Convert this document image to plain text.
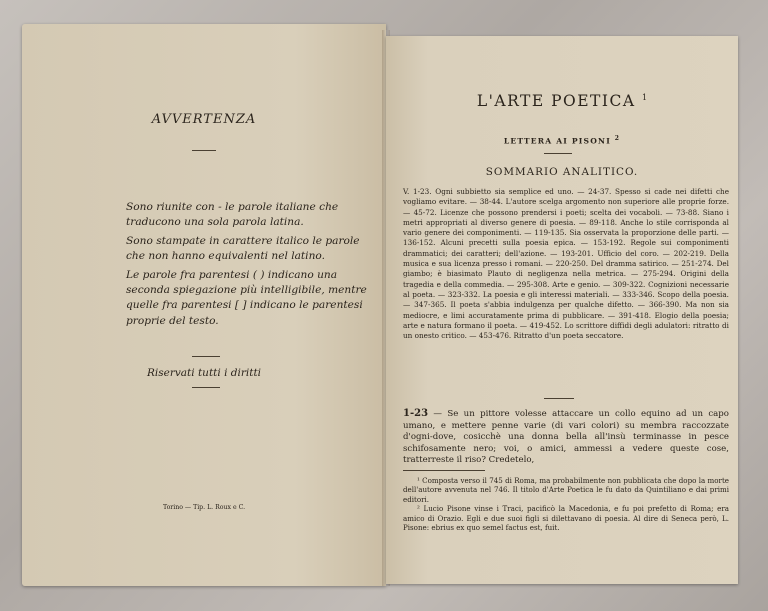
AVVERTENZA

Sono riunite con - le parole italiane che traducono una sola parola latina.

Sono stampate in carattere italico le parole che non hanno equivalenti nel latino.

Le parole fra parentesi ( ) indicano una seconda spiegazione più intelligibile, mentre quelle fra parentesi [ ] indicano le parentesi proprie del testo.

Riservati tutti i diritti
Torino — Tip. L. Roux e C.
L'ARTE POETICA $^1$
LETTERA AI PISONI $^2$
SOMMARIO ANALITICO.
V. 1-23. Ogni subbietto sia semplice ed uno. — 24-37. Spesso si cade nei difetti che vogliamo evitare. — 38-44. L'autore scelga argomento non superiore alle proprie forze. — 45-72. Licenze che possono prendersi i poeti; scelta dei vocaboli. — 73-88. Siano i metri appropriati al diverso genere di poesia. — 89-118. Anche lo stile corrisponda al vario genere dei componimenti. — 119-135. Sia osservata la proporzione delle parti. — 136-152. Alcuni precetti sulla poesia epica. — 153-192. Regole sui componimenti drammatici; dei caratteri; dell'azione. — 193-201. Ufficio del coro. — 202-219. Della musica e sua licenza presso i romani. — 220-250. Del dramma satirico. — 251-274. Del giambo; è biasimato Plauto di negligenza nella metrica. — 275-294. Origini della tragedia e della commedia. — 295-308. Arte e genio. — 309-322. Cognizioni necessarie al poeta. — 323-332. La poesia e gli interessi materiali. — 333-346. Scopo della poesia. — 347-365. Il poeta s'abbia indulgenza per qualche difetto. — 366-390. Ma non sia mediocre, e limi accuratamente prima di pubblicare. — 391-418. Elogio della poesia; arte e natura formano il poeta. — 419-452. Lo scrittore diffidi degli adulatori: ritratto di un onesto critico. — 453-476. Ritratto d'un poeta seccatore.
1-23 — Se un pittore volesse attaccare un collo equino ad un capo umano, e mettere penne varie (di vari colori) su membra raccozzate d'ogni-dove, cosicchè una donna bella all'insù terminasse in pesce schifosamente nero; voi, o amici, ammessi a vedere queste cose, tratterreste il riso? Credetelo,

¹ Composta verso il 745 di Roma, ma probabilmente non pubblicata che dopo la morte dell'autore avvenuta nel 746. Il titolo d'Arte Poetica le fu dato da Quintiliano e dai primi editori.

² Lucio Pisone vinse i Traci, pacificò la Macedonia, e fu poi prefetto di Roma; era amico di Orazio. Egli e due suoi figli si dilettavano di poesia. Al dire di Seneca però, L. Pisone: ebrius ex quo semel factus est, fuit.
